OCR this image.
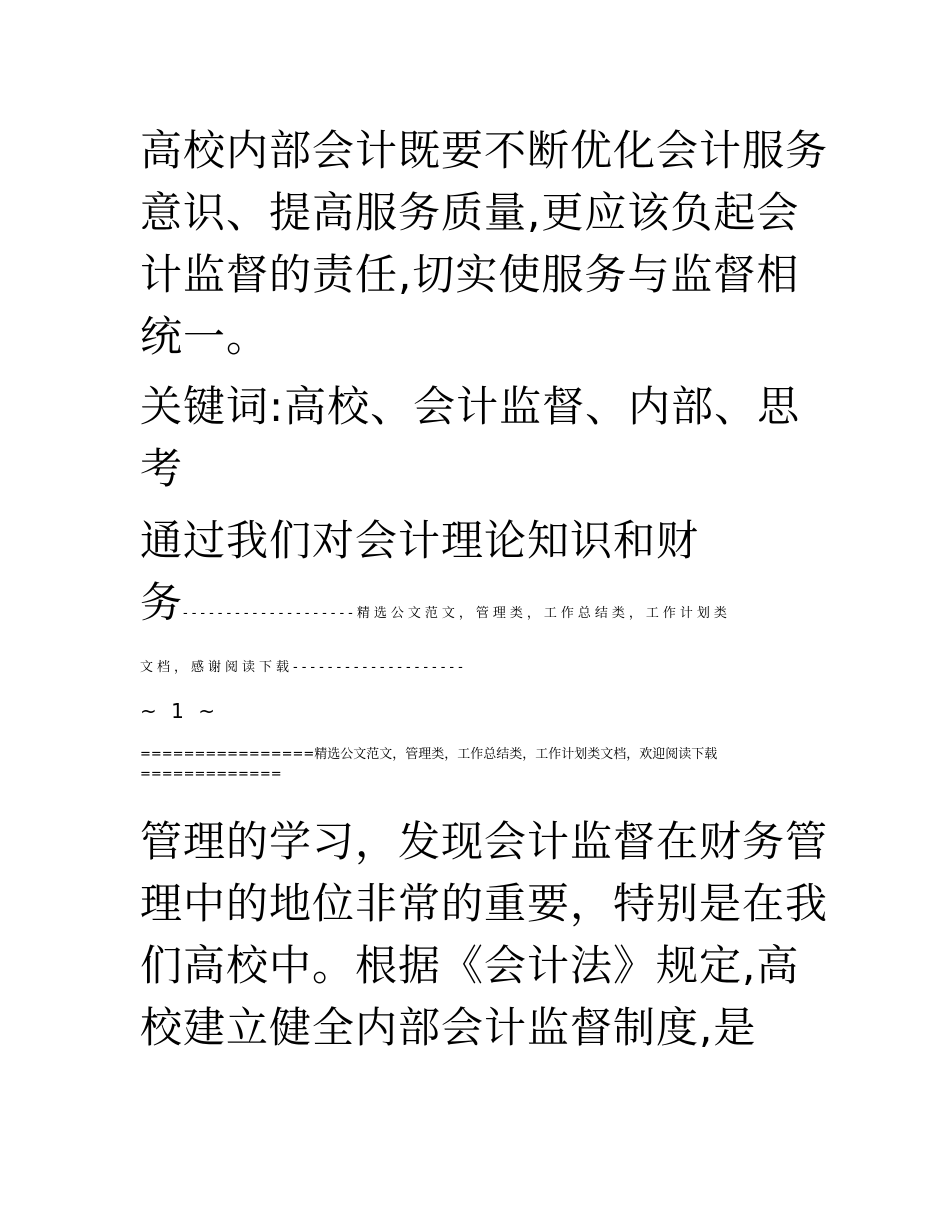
高校内部会计既要不断优化会计服务

意识、提高服务质量,更应该负起会

计监督的责任,切实使服务与监督相

统一。

关键词:高校、会计监督、内部、思

考

通过我们对会计理论知识和财

务 --------------------精选公文范文，管理类，工作总结类，工作计划类
文档，感谢阅读下载--------------------
~ 1 ~
================精选公文范文，管理类，工作总结类，工作计划类文档，欢迎阅读下载=============

管理的学习，发现会计监督在财务管

理中的地位非常的重要，特别是在我

们高校中。根据《会计法》规定,高

校建立健全内部会计监督制度,是
